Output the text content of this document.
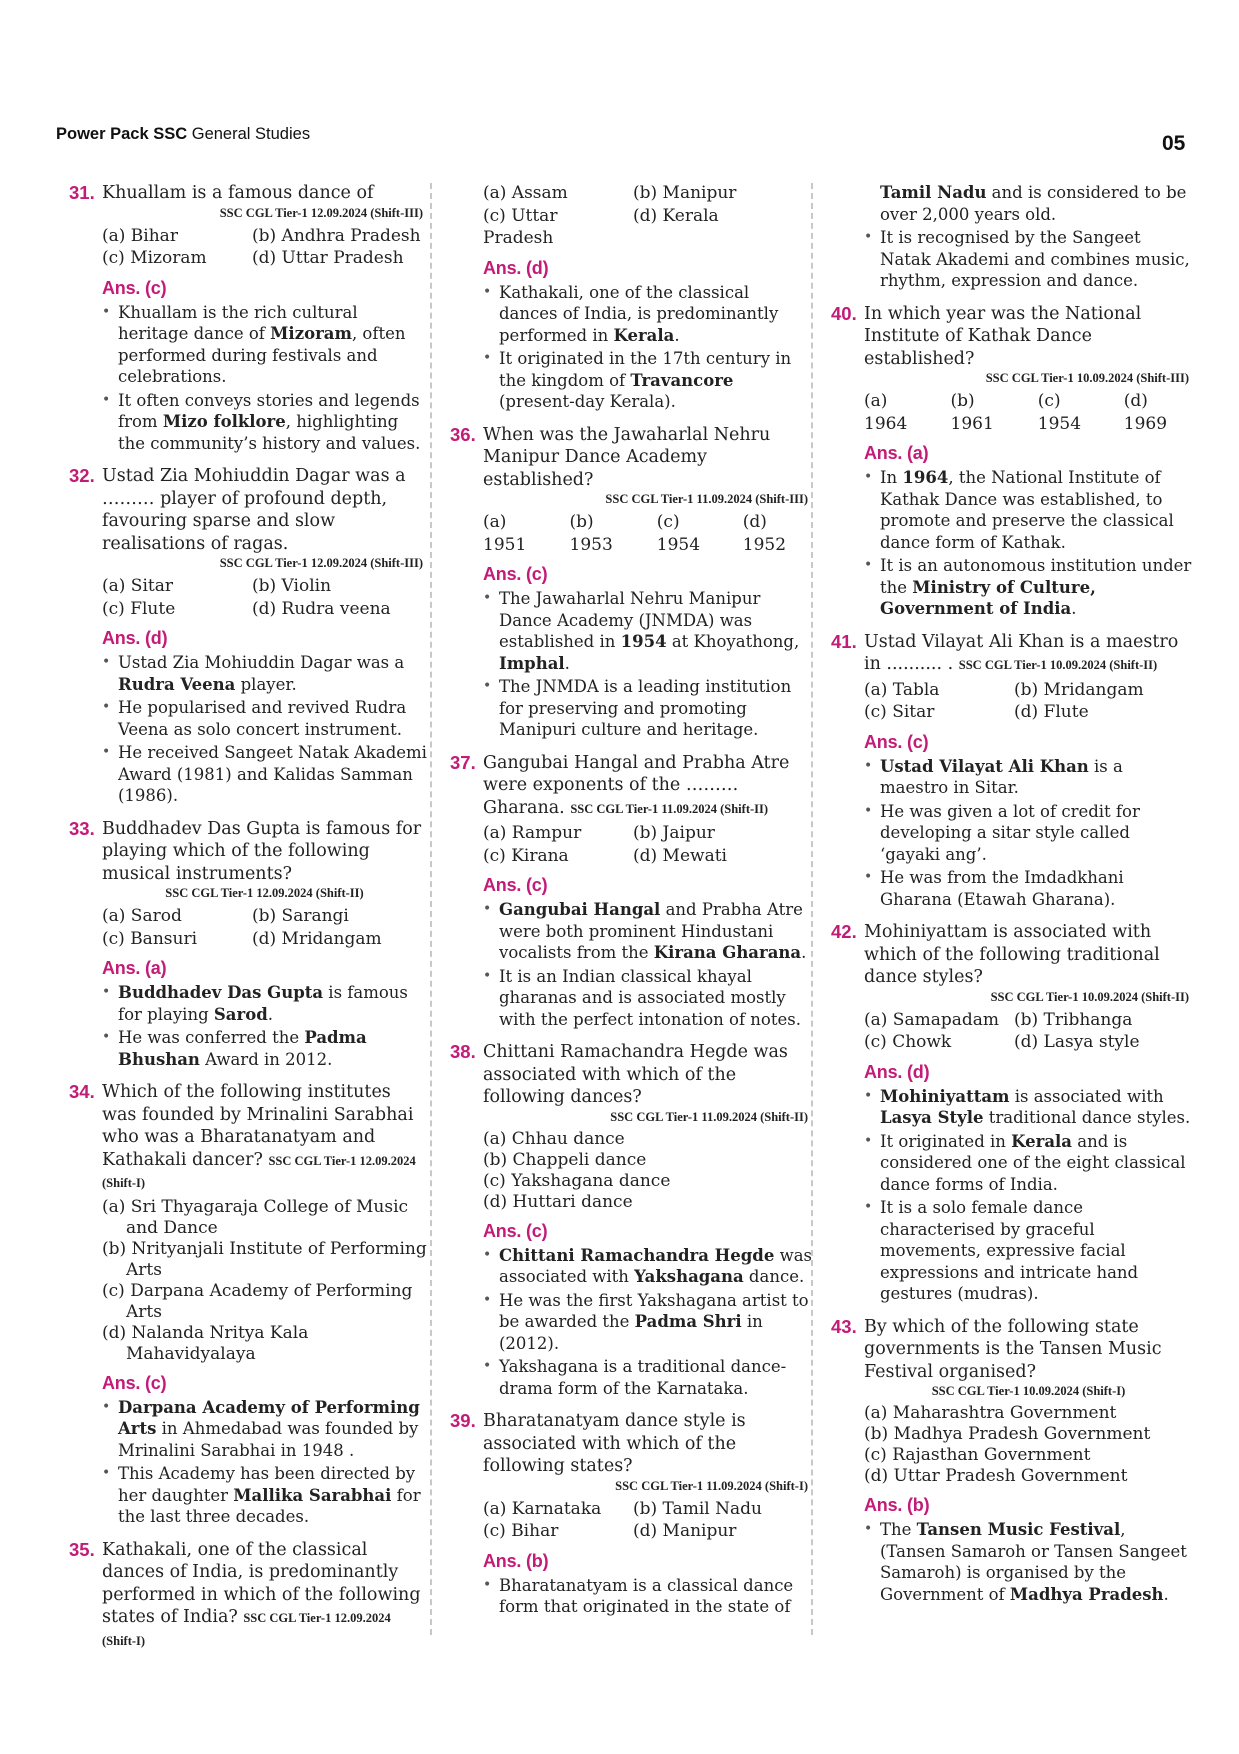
Power Pack SSC General Studies	05
31. Khuallam is a famous dance of
SSC CGL Tier-1 12.09.2024 (Shift-III)
(a) Bihar	(b) Andhra Pradesh
(c) Mizoram	(d) Uttar Pradesh
Ans. (c)
• Khuallam is the rich cultural heritage dance of Mizoram, often performed during festivals and celebrations.
• It often conveys stories and legends from Mizo folklore, highlighting the community’s history and values.
32. Ustad Zia Mohiuddin Dagar was a ……… player of profound depth, favouring sparse and slow realisations of ragas.
SSC CGL Tier-1 12.09.2024 (Shift-III)
(a) Sitar	(b) Violin
(c) Flute	(d) Rudra veena
Ans. (d)
• Ustad Zia Mohiuddin Dagar was a Rudra Veena player.
• He popularised and revived Rudra Veena as solo concert instrument.
• He received Sangeet Natak Akademi Award (1981) and Kalidas Samman (1986).
33. Buddhadev Das Gupta is famous for playing which of the following musical instruments?
SSC CGL Tier-1 12.09.2024 (Shift-II)
(a) Sarod	(b) Sarangi
(c) Bansuri	(d) Mridangam
Ans. (a)
• Buddhadev Das Gupta is famous for playing Sarod.
• He was conferred the Padma Bhushan Award in 2012.
34. Which of the following institutes was founded by Mrinalini Sarabhai who was a Bharatanatyam and Kathakali dancer? SSC CGL Tier-1 12.09.2024 (Shift-I)
(a) Sri Thyagaraja College of Music and Dance
(b) Nrityanjali Institute of Performing Arts
(c) Darpana Academy of Performing Arts
(d) Nalanda Nritya Kala Mahavidyalaya
Ans. (c)
• Darpana Academy of Performing Arts in Ahmedabad was founded by Mrinalini Sarabhai in 1948 .
• This Academy has been directed by her daughter Mallika Sarabhai for the last three decades.
35. Kathakali, one of the classical dances of India, is predominantly performed in which of the following states of India? SSC CGL Tier-1 12.09.2024 (Shift-I)
(a) Assam	(b) Manipur
(c) Uttar Pradesh
(d) Kerala
Ans. (d)
• Kathakali, one of the classical dances of India, is predominantly performed in Kerala.
• It originated in the 17th century in the kingdom of Travancore (present-day Kerala).
36. When was the Jawaharlal Nehru Manipur Dance Academy established?
SSC CGL Tier-1 11.09.2024 (Shift-III)
(a) 1951
(b) 1953
(c) 1954
(d) 1952
Ans. (c)
• The Jawaharlal Nehru Manipur Dance Academy (JNMDA) was established in 1954 at Khoyathong, Imphal.
• The JNMDA is a leading institution for preserving and promoting Manipuri culture and heritage.
37. Gangubai Hangal and Prabha Atre were exponents of the ……… Gharana. SSC CGL Tier-1 11.09.2024 (Shift-II)
(a) Rampur	(b) Jaipur
(c) Kirana	(d) Mewati
Ans. (c)
• Gangubai Hangal and Prabha Atre were both prominent Hindustani vocalists from the Kirana Gharana.
• It is an Indian classical khayal gharanas and is associated mostly with the perfect intonation of notes.
38. Chittani Ramachandra Hegde was associated with which of the following dances?
SSC CGL Tier-1 11.09.2024 (Shift-II)
(a) Chhau dance
(b) Chappeli dance
(c) Yakshagana dance
(d) Huttari dance
Ans. (c)
• Chittani Ramachandra Hegde was associated with Yakshagana dance.
• He was the first Yakshagana artist to be awarded the Padma Shri in (2012).
• Yakshagana is a traditional dance-drama form of the Karnataka.
39. Bharatanatyam dance style is associated with which of the following states?
SSC CGL Tier-1 11.09.2024 (Shift-I)
(a) Karnataka	(b) Tamil Nadu
(c) Bihar	(d) Manipur
Ans. (b)
• Bharatanatyam is a classical dance form that originated in the state of
Tamil Nadu and is considered to be over 2,000 years old.
• It is recognised by the Sangeet Natak Akademi and combines music, rhythm, expression and dance.
40. In which year was the National Institute of Kathak Dance established?
SSC CGL Tier-1 10.09.2024 (Shift-III)
(a) 1964
(b) 1961
(c) 1954
(d) 1969
Ans. (a)
• In 1964, the National Institute of Kathak Dance was established, to promote and preserve the classical dance form of Kathak.
• It is an autonomous institution under the Ministry of Culture, Government of India.
41. Ustad Vilayat Ali Khan is a maestro in .......... . SSC CGL Tier-1 10.09.2024 (Shift-II)
(a) Tabla	(b) Mridangam
(c) Sitar	(d) Flute
Ans. (c)
• Ustad Vilayat Ali Khan is a maestro in Sitar.
• He was given a lot of credit for developing a sitar style called ‘gayaki ang’.
• He was from the Imdadkhani Gharana (Etawah Gharana).
42. Mohiniyattam is associated with which of the following traditional dance styles?
SSC CGL Tier-1 10.09.2024 (Shift-II)
(a) Samapadam (b) Tribhanga
(c) Chowk	(d) Lasya style
Ans. (d)
• Mohiniyattam is associated with Lasya Style traditional dance styles.
• It originated in Kerala and is considered one of the eight classical dance forms of India.
• It is a solo female dance characterised by graceful movements, expressive facial expressions and intricate hand gestures (mudras).
43. By which of the following state governments is the Tansen Music Festival organised?
SSC CGL Tier-1 10.09.2024 (Shift-I)
(a) Maharashtra Government
(b) Madhya Pradesh Government
(c) Rajasthan Government
(d) Uttar Pradesh Government
Ans. (b)
• The Tansen Music Festival, (Tansen Samaroh or Tansen Sangeet Samaroh) is organised by the Government of Madhya Pradesh.
